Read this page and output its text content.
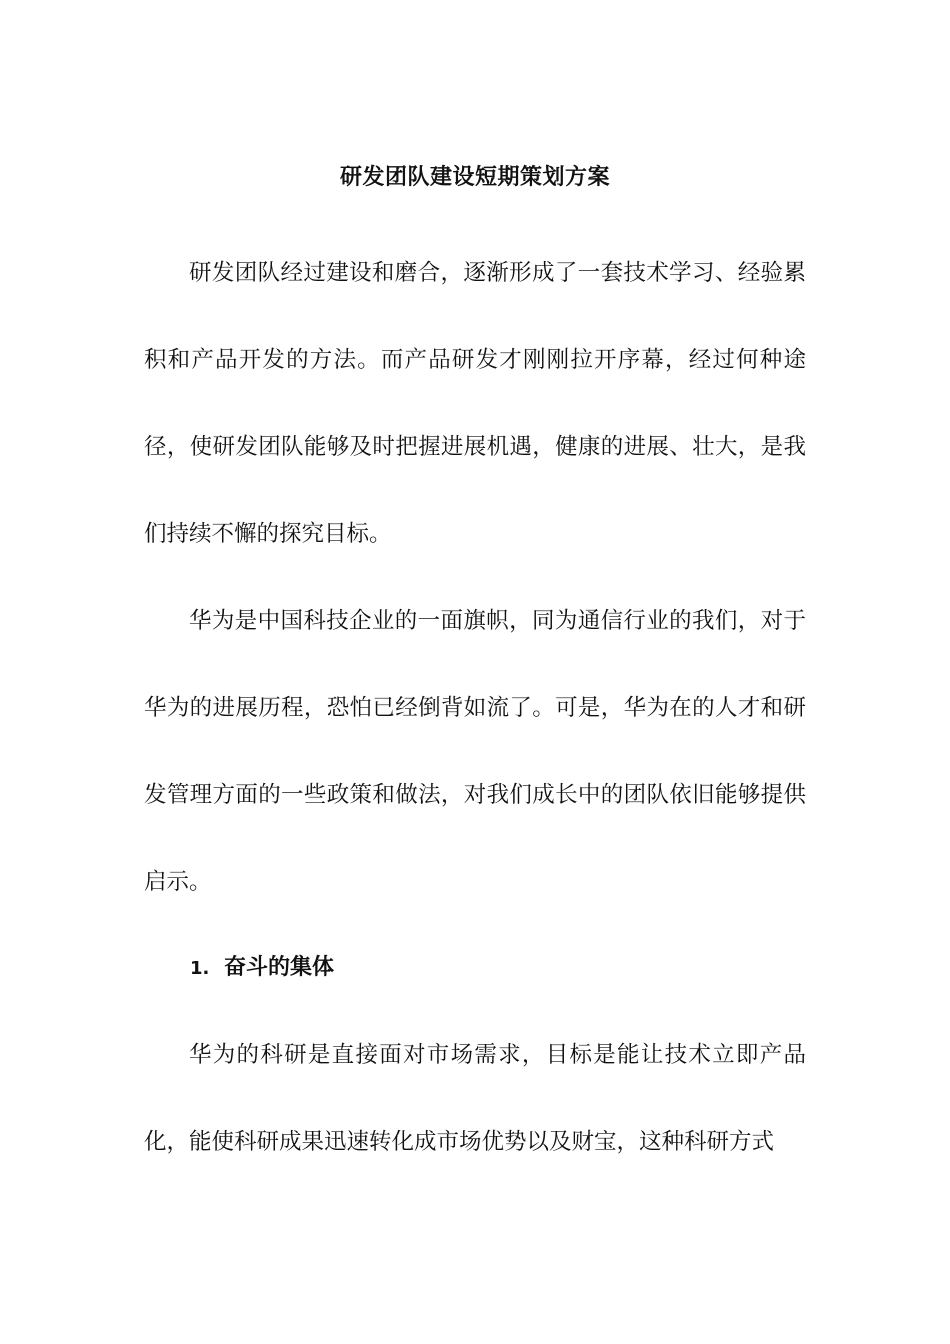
研发团队建设短期策划方案

研发团队经过建设和磨合，逐渐形成了一套技术学习、经验累积和产品开发的方法。而产品研发才刚刚拉开序幕，经过何种途径，使研发团队能够及时把握进展机遇，健康的进展、壮大，是我们持续不懈的探究目标。

华为是中国科技企业的一面旗帜，同为通信行业的我们，对于华为的进展历程，恐怕已经倒背如流了。可是，华为在的人才和研发管理方面的一些政策和做法，对我们成长中的团队依旧能够提供启示。

1. 奋斗的集体

华为的科研是直接面对市场需求，目标是能让技术立即产品化，能使科研成果迅速转化成市场优势以及财宝，这种科研方式
